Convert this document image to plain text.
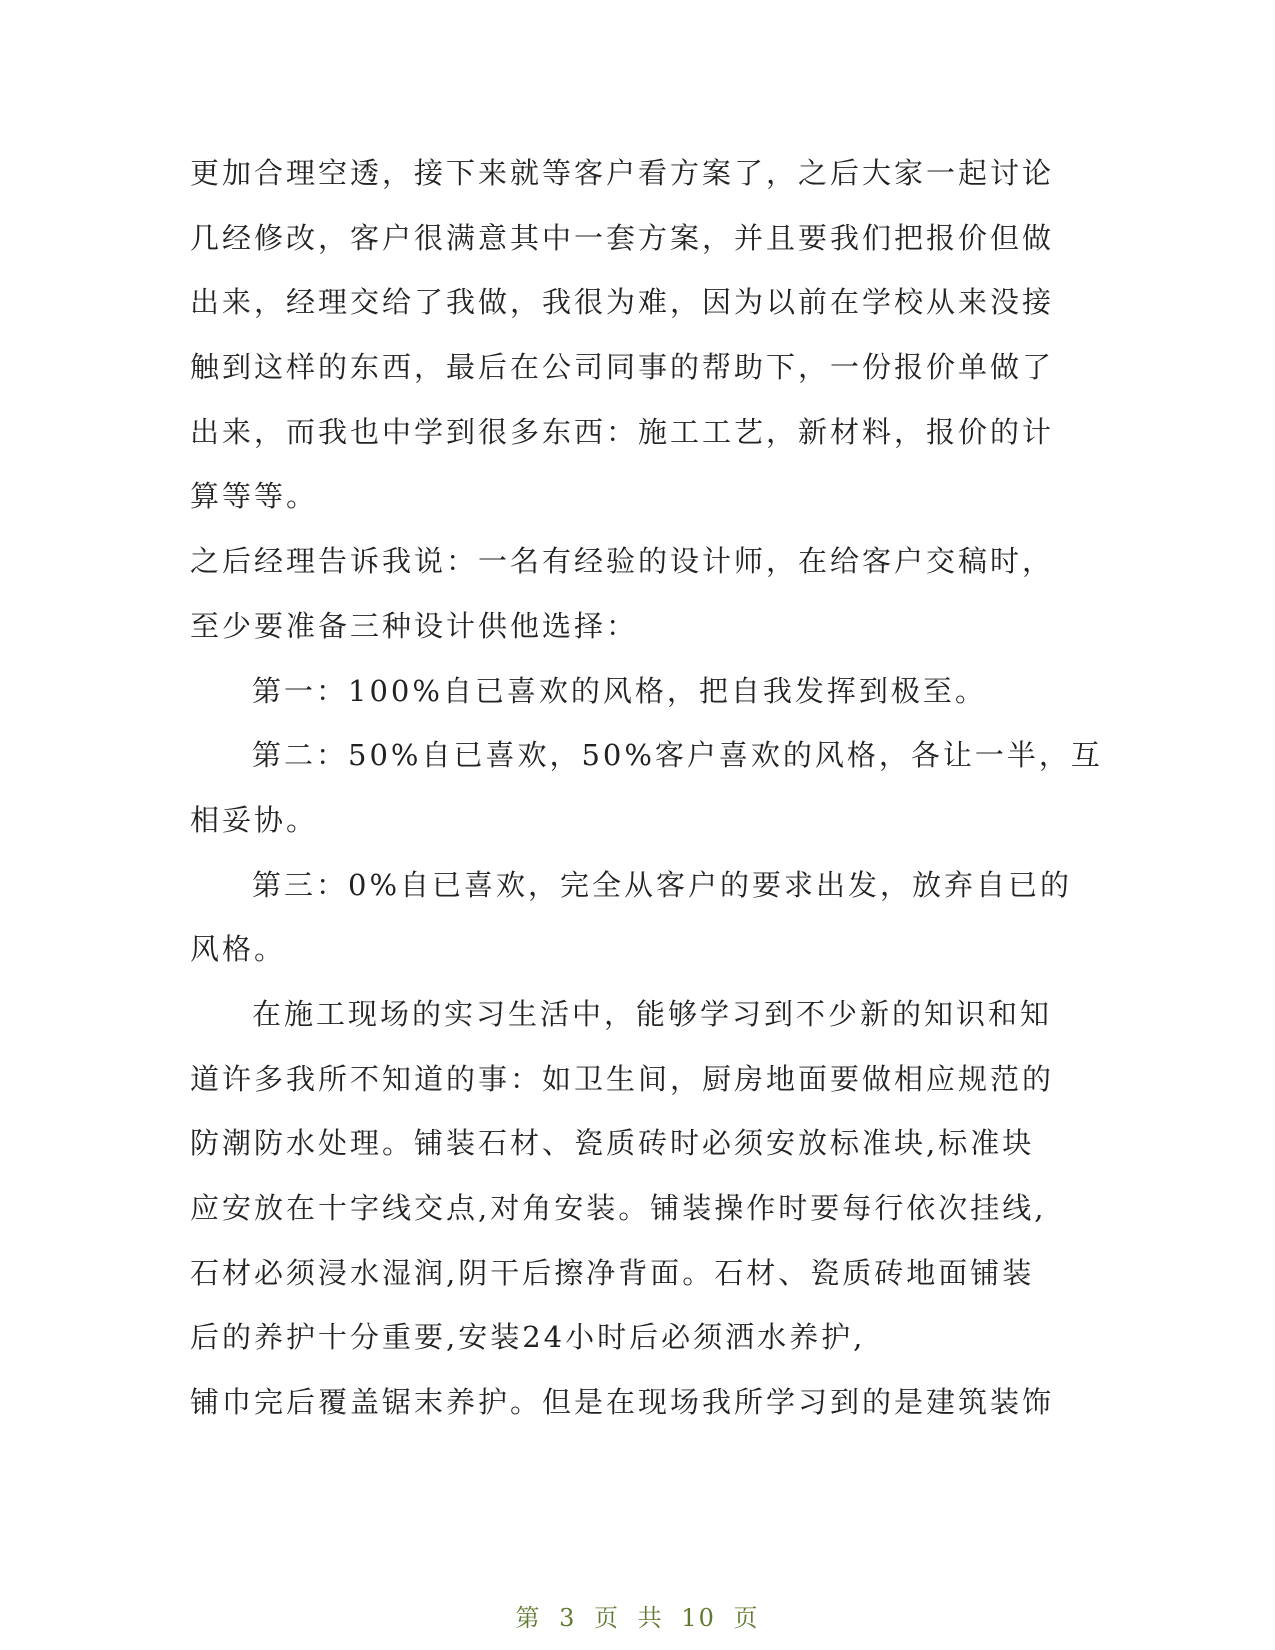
更加合理空透，接下来就等客户看方案了，之后大家一起讨论
几经修改，客户很满意其中一套方案，并且要我们把报价但做
出来，经理交给了我做，我很为难，因为以前在学校从来没接
触到这样的东西，最后在公司同事的帮助下，一份报价单做了
出来，而我也中学到很多东西：施工工艺，新材料，报价的计
算等等。
之后经理告诉我说：一名有经验的设计师，在给客户交稿时，
至少要准备三种设计供他选择：
第一：100%自已喜欢的风格，把自我发挥到极至。
第二：50%自已喜欢，50%客户喜欢的风格，各让一半，互
相妥协。
第三：0%自已喜欢，完全从客户的要求出发，放弃自已的
风格。
在施工现场的实习生活中，能够学习到不少新的知识和知
道许多我所不知道的事：如卫生间，厨房地面要做相应规范的
防潮防水处理。铺装石材、瓷质砖时必须安放标准块,标准块
应安放在十字线交点,对角安装。铺装操作时要每行依次挂线,
石材必须浸水湿润,阴干后擦净背面。石材、瓷质砖地面铺装
后的养护十分重要,安装24小时后必须洒水养护,
铺巾完后覆盖锯末养护。但是在现场我所学习到的是建筑装饰
第 3 页 共 10 页
